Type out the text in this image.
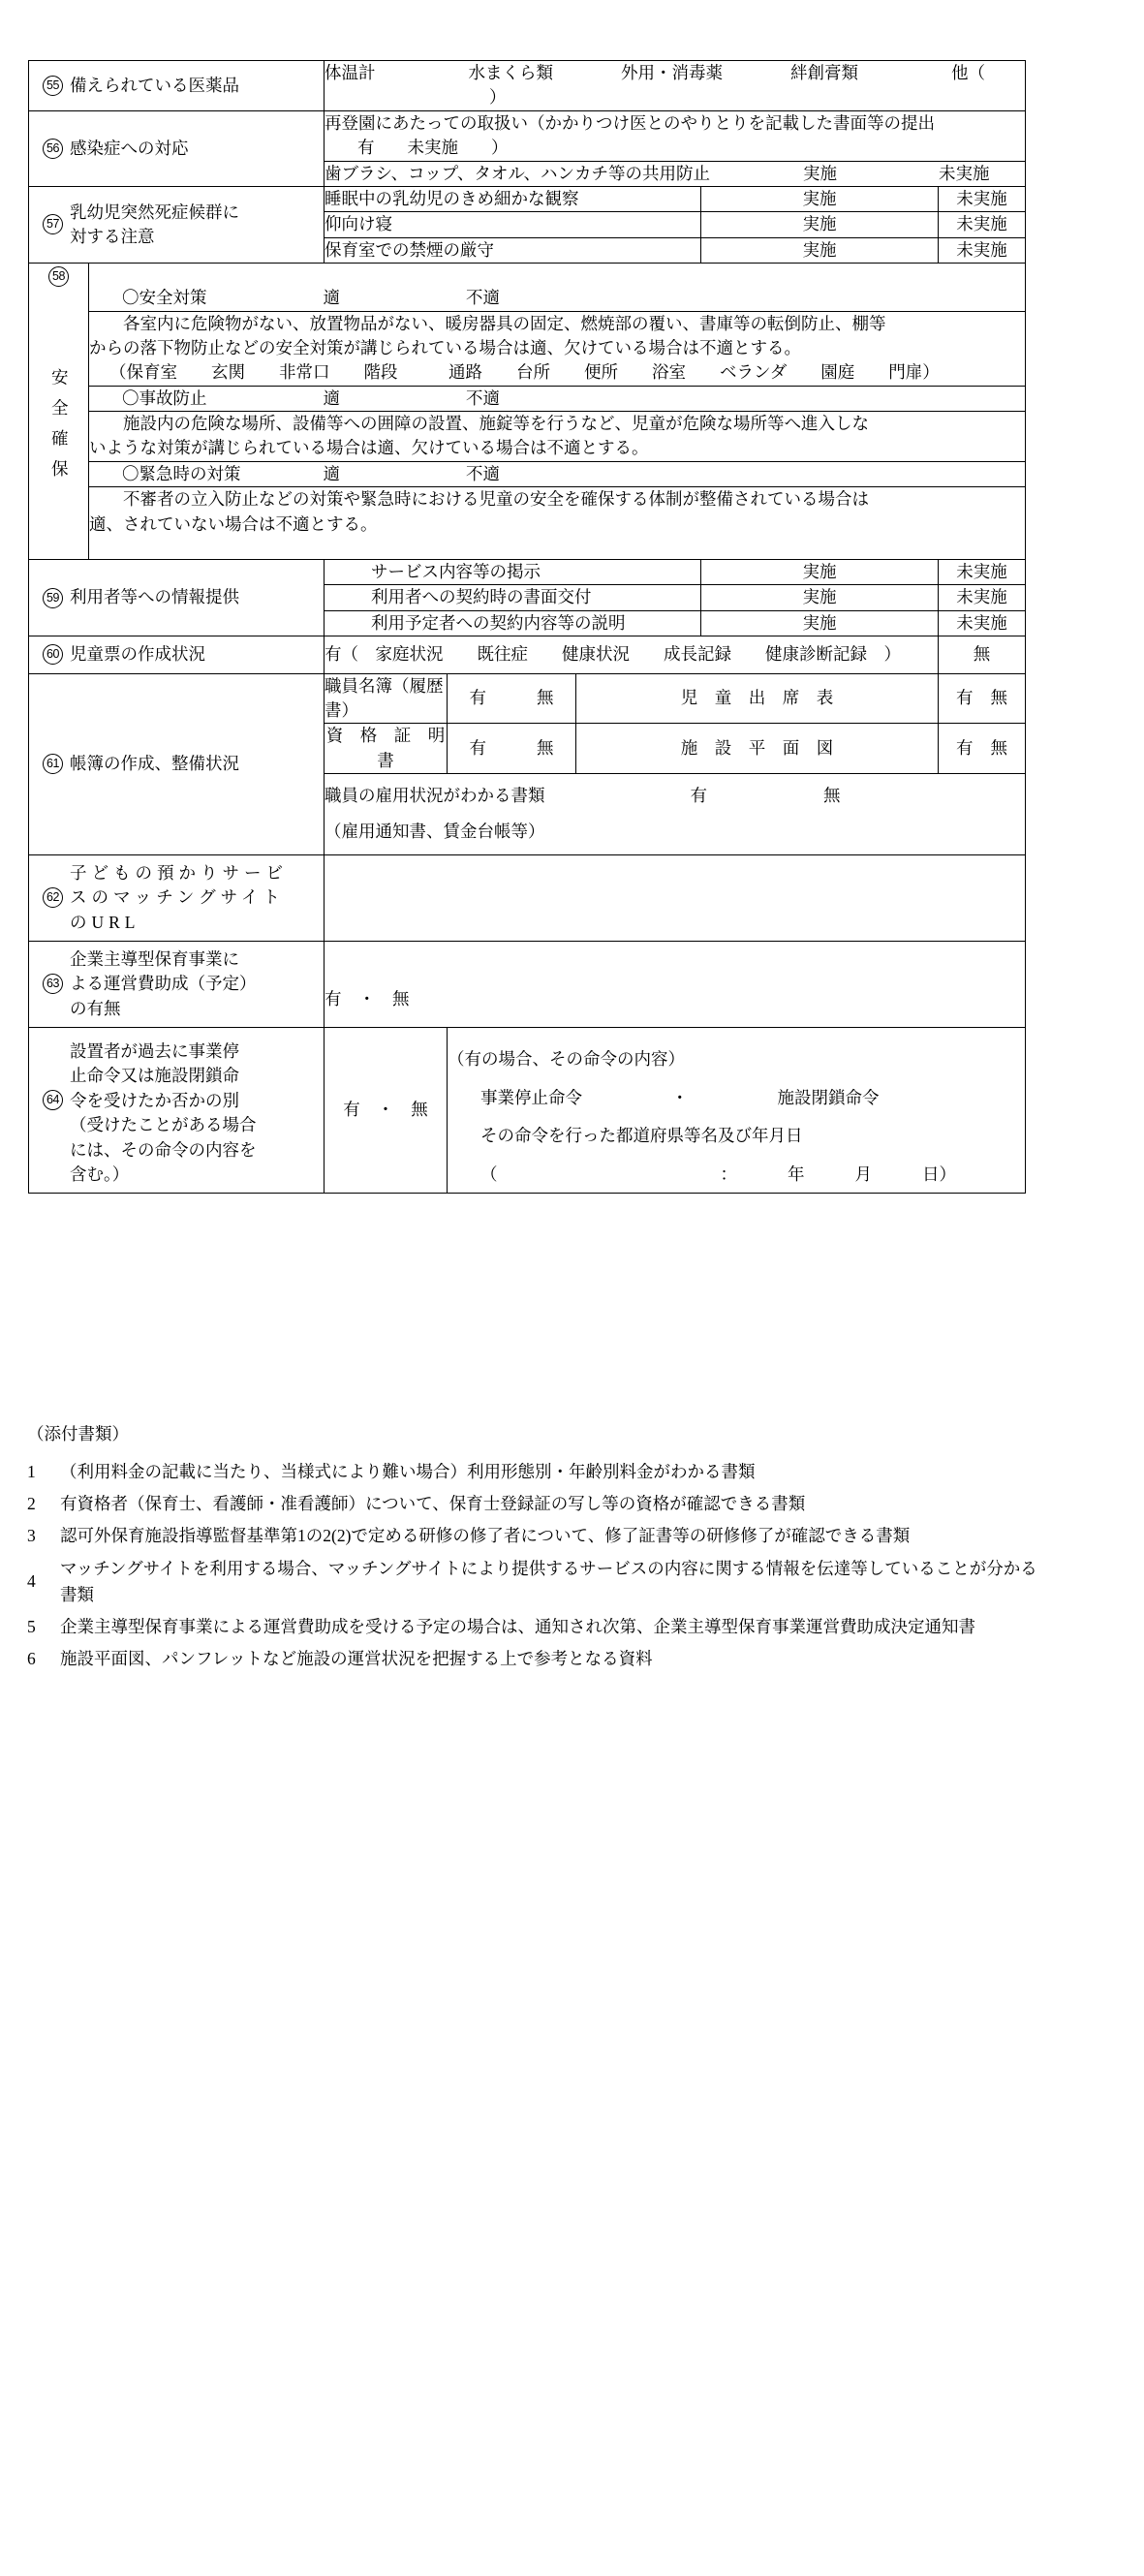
55 備えられている医薬品
	体温計	水まくら類	外用・消毒薬	絆創膏類	他（）

56 感染症への対応

再登園にあたっての取扱い（かかりつけ医とのやりとりを記載した書面等の提出
有 未実施 ）

歯ブラシ、コップ、タオル、ハンカチ等の共用防止	実施	未実施

57
乳幼児突然死症候群に
対する注意
	睡眠中の乳幼児のきめ細かな観察	実施	未実施
仰向け寝	実施	未実施
保育室での禁煙の厳守	実施	未実施

58
安全確保

〇安全対策	適	不適

各室内に危険物がない、放置物品がない、暖房器具の固定、燃焼部の覆い、書庫等の転倒防止、棚等
からの落下物防止などの安全対策が講じられている場合は適、欠けている場合は不適とする。
（保育室　　玄関　　非常口　　階段　　　通路　　台所　　便所　　浴室　　ベランダ　　園庭　　門扉）

〇事故防止	適	不適

施設内の危険な場所、設備等への囲障の設置、施錠等を行うなど、児童が危険な場所等へ進入しな
いような対策が講じられている場合は適、欠けている場合は不適とする。

〇緊急時の対策	適	不適

不審者の立入防止などの対策や緊急時における児童の安全を確保する体制が整備されている場合は
適、されていない場合は不適とする。

59 利用者等への情報提供
	サービス内容等の掲示	実施	未実施
利用者への契約時の書面交付	実施	未実施
利用予定者への契約内容等の説明	実施	未実施

60 児童票の作成状況	有（　家庭状況　　既往症　　健康状況　　成長記録　　健康診断記録　）	無

61 帳簿の作成、整備状況
	職員名簿（履歴書）	有	無	児　童　出　席　表	有 無
資　格　証　明　書	有	無	施　設　平　面　図	有 無

職員の雇用状況がわかる書類	有	無
（雇用通知書、賃金台帳等）

62
子どもの預かりサービ
スのマッチングサイト
のURL

63
企業主導型保育事業に
よる運営費助成（予定）
の有無	有　・　無

64
設置者が過去に事業停
止命令又は施設閉鎖命
令を受けたか否かの別
（受けたことがある場合
には、その命令の内容を
含む。）
	有　・　無	
（有の場合、その命令の内容）
事業停止命令	・	施設閉鎖命令
その命令を行った都道府県等名及び年月日
（	：	年	月	日）
（添付書類）
1	（利用料金の記載に当たり、当様式により難い場合）利用形態別・年齢別料金がわかる書類
2	有資格者（保育士、看護師・准看護師）について、保育士登録証の写し等の資格が確認できる書類
3	認可外保育施設指導監督基準第1の2(2)で定める研修の修了者について、修了証書等の研修修了が確認できる書類
4
マッチングサイトを利用する場合、マッチングサイトにより提供するサービスの内容に関する情報を伝達等していることが分かる書類
5	企業主導型保育事業による運営費助成を受ける予定の場合は、通知され次第、企業主導型保育事業運営費助成決定通知書
6	施設平面図、パンフレットなど施設の運営状況を把握する上で参考となる資料
